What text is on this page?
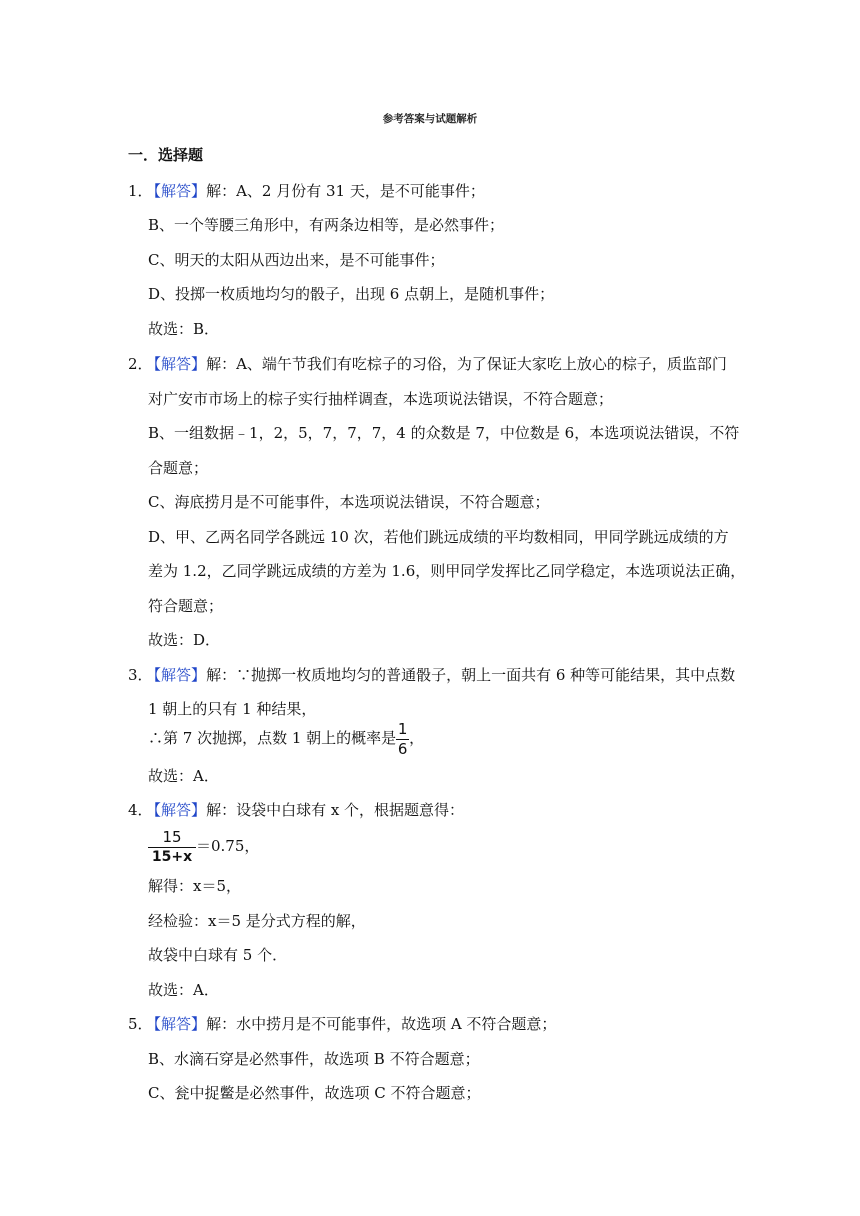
参考答案与试题解析
一．选择题
1．【解答】解：A、2 月份有 31 天，是不可能事件；
B、一个等腰三角形中，有两条边相等，是必然事件；
C、明天的太阳从西边出来，是不可能事件；
D、投掷一枚质地均匀的骰子，出现 6 点朝上，是随机事件；
故选：B．
2．【解答】解：A、端午节我们有吃棕子的习俗，为了保证大家吃上放心的棕子，质监部门
对广安市市场上的棕子实行抽样调查，本选项说法错误，不符合题意；
B、一组数据﹣1，2，5，7，7，7，4 的众数是 7，中位数是 6，本选项说法错误，不符
合题意；
C、海底捞月是不可能事件，本选项说法错误，不符合题意；
D、甲、乙两名同学各跳远 10 次，若他们跳远成绩的平均数相同，甲同学跳远成绩的方
差为 1.2，乙同学跳远成绩的方差为 1.6，则甲同学发挥比乙同学稳定，本选项说法正确，
符合题意；
故选：D．
3．【解答】解：∵抛掷一枚质地均匀的普通骰子，朝上一面共有 6 种等可能结果，其中点数
1 朝上的只有 1 种结果，
∴第 7 次抛掷，点数 1 朝上的概率是 $\frac{1}{6}$ ，
故选：A．
4．【解答】解：设袋中白球有 x 个，根据题意得：
$\frac{15}{15+x} =0.75$，
解得：x＝5，
经检验：x＝5 是分式方程的解，
故袋中白球有 5 个．
故选：A．
5．【解答】解：水中捞月是不可能事件，故选项 A 不符合题意；
B、水滴石穿是必然事件，故选项 B 不符合题意；
C、瓮中捉鳖是必然事件，故选项 C 不符合题意；
